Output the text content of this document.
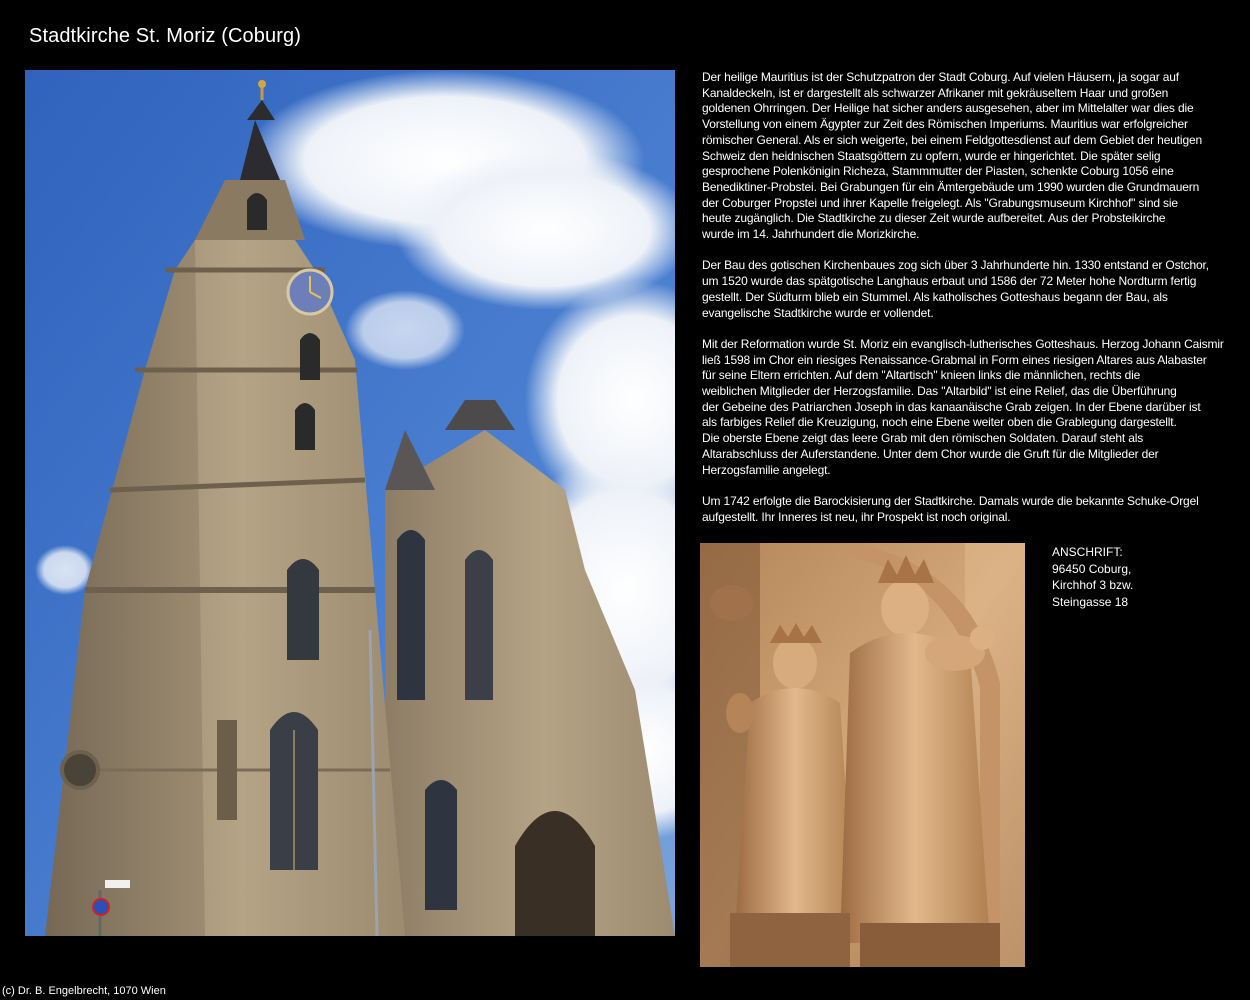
Stadtkirche St. Moriz (Coburg)

Der heilige Mauritius ist der Schutzpatron der Stadt Coburg. Auf vielen Häusern, ja sogar auf
Kanaldeckeln, ist er dargestellt als schwarzer Afrikaner mit gekräuseltem Haar und großen
goldenen Ohrringen. Der Heilige hat sicher anders ausgesehen, aber im Mittelalter war dies die
Vorstellung von einem Ägypter zur Zeit des Römischen Imperiums. Mauritius war erfolgreicher
römischer General. Als er sich weigerte, bei einem Feldgottesdienst auf dem Gebiet der heutigen
Schweiz den heidnischen Staatsgöttern zu opfern, wurde er hingerichtet. Die später selig
gesprochene Polenkönigin Richeza, Stammmutter der Piasten, schenkte Coburg 1056 eine
Benediktiner-Probstei. Bei Grabungen für ein Ämtergebäude um 1990 wurden die Grundmauern
der Coburger Propstei und ihrer Kapelle freigelegt. Als "Grabungsmuseum Kirchhof" sind sie
heute zugänglich. Die Stadtkirche zu dieser Zeit wurde aufbereitet. Aus der Probsteikirche
wurde im 14. Jahrhundert die Morizkirche.

Der Bau des gotischen Kirchenbaues zog sich über 3 Jahrhunderte hin. 1330 entstand er Ostchor,
um 1520 wurde das spätgotische Langhaus erbaut und 1586 der 72 Meter hohe Nordturm fertig
gestellt. Der Südturm blieb ein Stummel. Als katholisches Gotteshaus begann der Bau, als
evangelische Stadtkirche wurde er vollendet.

Mit der Reformation wurde St. Moriz ein evanglisch-lutherisches Gotteshaus. Herzog Johann Caismir
ließ 1598 im Chor ein riesiges Renaissance-Grabmal in Form eines riesigen Altares aus Alabaster
für seine Eltern errichten. Auf dem "Altartisch" knieen links die männlichen, rechts die
weiblichen Mitglieder der Herzogsfamilie. Das "Altarbild" ist eine Relief, das die Überführung
der Gebeine des Patriarchen Joseph in das kanaanäische Grab zeigen. In der Ebene darüber ist
als farbiges Relief die Kreuzigung, noch eine Ebene weiter oben die Grablegung dargestellt.
Die oberste Ebene zeigt das leere Grab mit den römischen Soldaten. Darauf steht als
Altarabschluss der Auferstandene. Unter dem Chor wurde die Gruft für die Mitglieder der
Herzogsfamilie angelegt.

Um 1742 erfolgte die Barockisierung der Stadtkirche. Damals wurde die bekannte Schuke-Orgel
aufgestellt. Ihr Inneres ist neu, ihr Prospekt ist noch original.

ANSCHRIFT:
96450 Coburg,
Kirchhof 3 bzw.
Steingasse 18
(c) Dr. B. Engelbrecht, 1070 Wien
